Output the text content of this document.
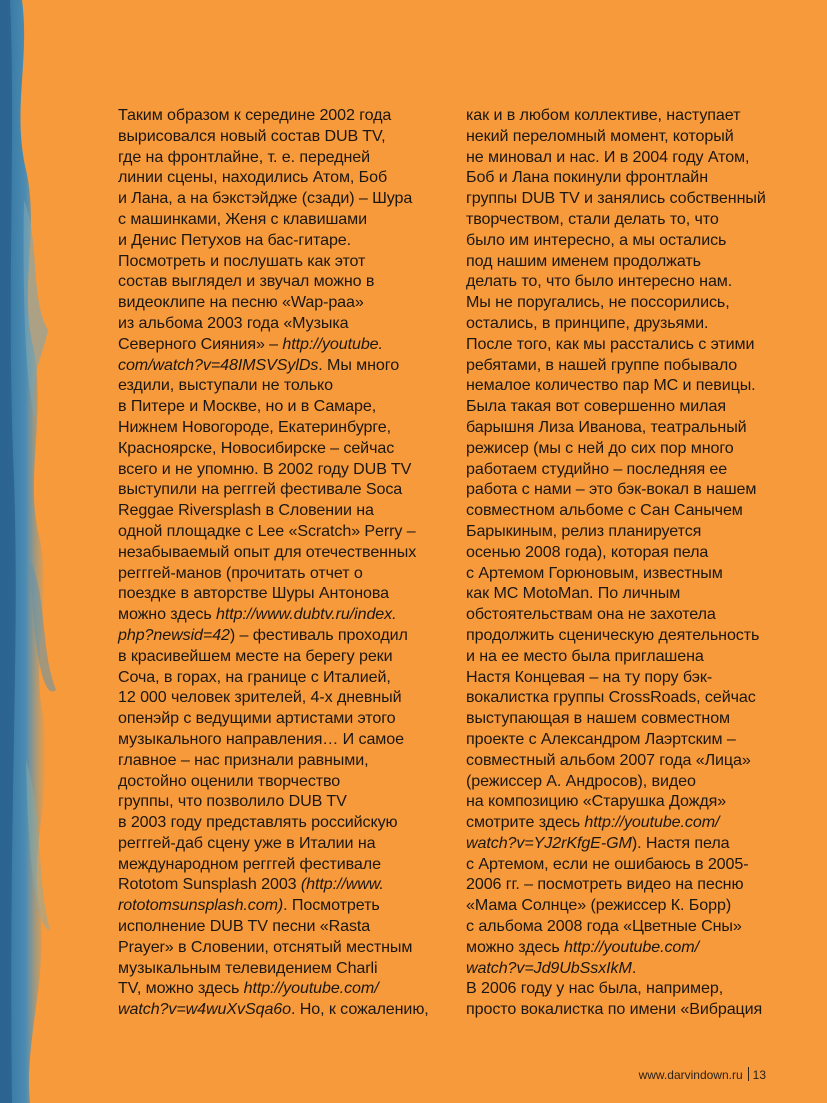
Таким образом к середине 2002 года
вырисовался новый состав DUB TV,
где на фронтлайне, т. е. передней
линии сцены, находились Атом, Боб
и Лана, а на бэкстэйдже (сзади) – Шура
с машинками, Женя с клавишами
и Денис Петухов на бас-гитаре.
Посмотреть и послушать как этот
состав выглядел и звучал можно в
видеоклипе на песню «Wap-раа»
из альбома 2003 года «Музыка
Северного Сияния» – http://youtube.
com/watch?v=48IMSVSylDs. Мы много
ездили, выступали не только
в Питере и Москве, но и в Самаре,
Нижнем Новогороде, Екатеринбурге,
Красноярске, Новосибирске – сейчас
всего и не упомню. В 2002 году DUB TV
выступили на регггей фестивале Soca
Reggae Riversplash в Словении на
одной площадке с Lee «Scratch» Perry –
незабываемый опыт для отечественных
регггей-манов (прочитать отчет о
поездке в авторстве Шуры Антонова
можно здесь http://www.dubtv.ru/index.
php?newsid=42) – фестиваль проходил
в красивейшем месте на берегу реки
Соча, в горах, на границе с Италией,
12 000 человек зрителей, 4-х дневный
опенэйр с ведущими артистами этого
музыкального направления… И самое
главное – нас признали равными,
достойно оценили творчество
группы, что позволило DUB TV
в 2003 году представлять российскую
регггей-даб сцену уже в Италии на
международном регггей фестивале
Rototom Sunsplash 2003 (http://www.
rototomsunsplash.com). Посмотреть
исполнение DUB TV песни «Rasta
Prayer» в Словении, отснятый местным
музыкальным телевидением Charli
TV, можно здесь http://youtube.com/
watch?v=w4wuXvSqa6o. Но, к сожалению,
как и в любом коллективе, наступает
некий переломный момент, который
не миновал и нас. И в 2004 году Атом,
Боб и Лана покинули фронтлайн
группы DUB TV и занялись собственный
творчеством, стали делать то, что
было им интересно, а мы остались
под нашим именем продолжать
делать то, что было интересно нам.
Мы не поругались, не поссорились,
остались, в принципе, друзьями.
После того, как мы расстались с этими
ребятами, в нашей группе побывало
немалое количество пар МС и певицы.
Была такая вот совершенно милая
барышня Лиза Иванова, театральный
режисер (мы с ней до сих пор много
работаем студийно – последняя ее
работа с нами – это бэк-вокал в нашем
совместном альбоме с Сан Санычем
Барыкиным, релиз планируется
осенью 2008 года), которая пела
с Артемом Горюновым, известным
как МС MotoMan. По личным
обстоятельствам она не захотела
продолжить сценическую деятельность
и на ее место была приглашена
Настя Концевая – на ту пору бэк-
вокалистка группы CrossRoads, сейчас
выступающая в нашем совместном
проекте с Александром Лаэртским –
совместный альбом 2007 года «Лица»
(режиссер А. Андросов), видео
на композицию «Старушка Дождя»
смотрите здесь http://youtube.com/
watch?v=YJ2rKfgE-GM). Настя пела
с Артемом, если не ошибаюсь в 2005-
2006 гг. – посмотреть видео на песню
«Мама Солнце» (режиссер К. Борр)
с альбома 2008 года «Цветные Сны»
можно здесь http://youtube.com/
watch?v=Jd9UbSsxIkM.
В 2006 году у нас была, например,
просто вокалистка по имени «Вибрация
www.darvindown.ru 13
